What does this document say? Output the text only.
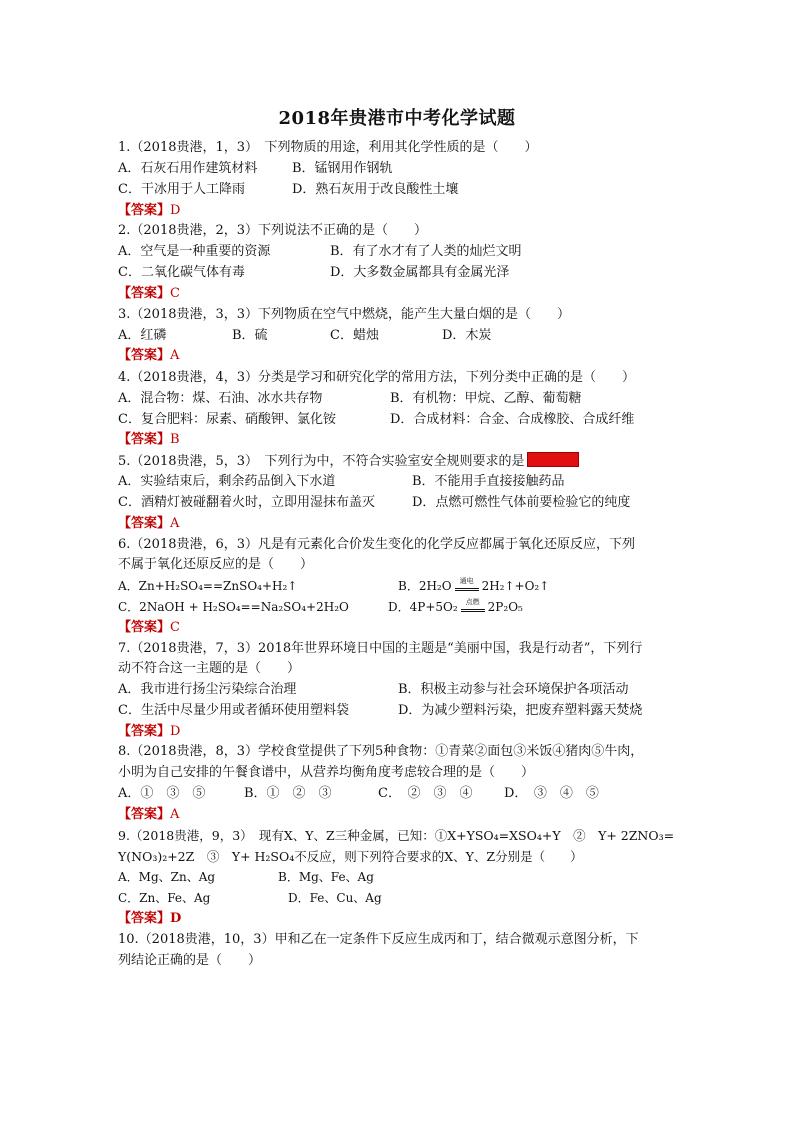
2018年贵港市中考化学试题
1.（2018贵港，1，3）　下列物质的用途，利用其化学性质的是（　　）
A．石灰石用作建筑材料	B．锰钢用作钢轨
C．干冰用于人工降雨	D．熟石灰用于改良酸性土壤
【答案】D
2.（2018贵港，2，3）下列说法不正确的是（　　）
A．空气是一种重要的资源	B．有了水才有了人类的灿烂文明
C．二氧化碳气体有毒	D．大多数金属都具有金属光泽
【答案】C
3.（2018贵港，3，3）下列物质在空气中燃烧，能产生大量白烟的是（　　）
A．红磷	B．硫	C．蜡烛	D．木炭
【答案】A
4.（2018贵港，4，3）分类是学习和研究化学的常用方法，下列分类中正确的是（　　）
A．混合物：煤、石油、冰水共存物	B．有机物：甲烷、乙醇、葡萄糖
C．复合肥料：尿素、硝酸钾、氯化铵	D．合成材料：合金、合成橡胶、合成纤维
【答案】B
5.（2018贵港，5，3）　下列行为中，不符合实验室安全规则要求的是
A．实验结束后，剩余药品倒入下水道	B．不能用手直接接触药品
C．酒精灯被碰翻着火时，立即用湿抹布盖灭	D．点燃可燃性气体前要检验它的纯度
【答案】A
6.（2018贵港，6，3）凡是有元素化合价发生变化的化学反应都属于氧化还原反应，下列
不属于氧化还原反应的是（　　）
A．Zn+H₂SO₄==ZnSO₄+H₂↑	B．2H₂O	通电 2H₂↑+O₂↑
C．2NaOH + H₂SO₄==Na₂SO₄+2H₂O	D．4P+5O₂	点燃 2P₂O₅
【答案】C
7.（2018贵港，7，3）2018年世界环境日中国的主题是“美丽中国，我是行动者”，下列行
动不符合这一主题的是（　　）
A．我市进行扬尘污染综合治理	B．积极主动参与社会环境保护各项活动
C．生活中尽量少用或者循环使用塑料袋	D．为减少塑料污染，把废弃塑料露天焚烧
【答案】D
8.（2018贵港，8，3）学校食堂提供了下列5种食物：①青菜②面包③米饭④猪肉⑤牛肉，
小明为自己安排的午餐食谱中，从营养均衡角度考虑较合理的是（　　）
A．①　③　⑤	B．①　②　③	C．　②　③　④ D．　③　④　⑤
【答案】A
9.（2018贵港，9，3）　现有X、Y、Z三种金属，已知：①X+YSO₄=XSO₄+Y　②　Y+ 2ZNO₃=
Y(NO₃)₂+2Z　③　Y+ H₂SO₄不反应，则下列符合要求的X、Y、Z分别是（　　）
A．Mg、Zn、Ag	B．Mg、Fe、Ag
C．Zn、Fe、Ag	D．Fe、Cu、Ag
【答案】D
10.（2018贵港，10，3）甲和乙在一定条件下反应生成丙和丁，结合微观示意图分析，下
列结论正确的是（　　）
